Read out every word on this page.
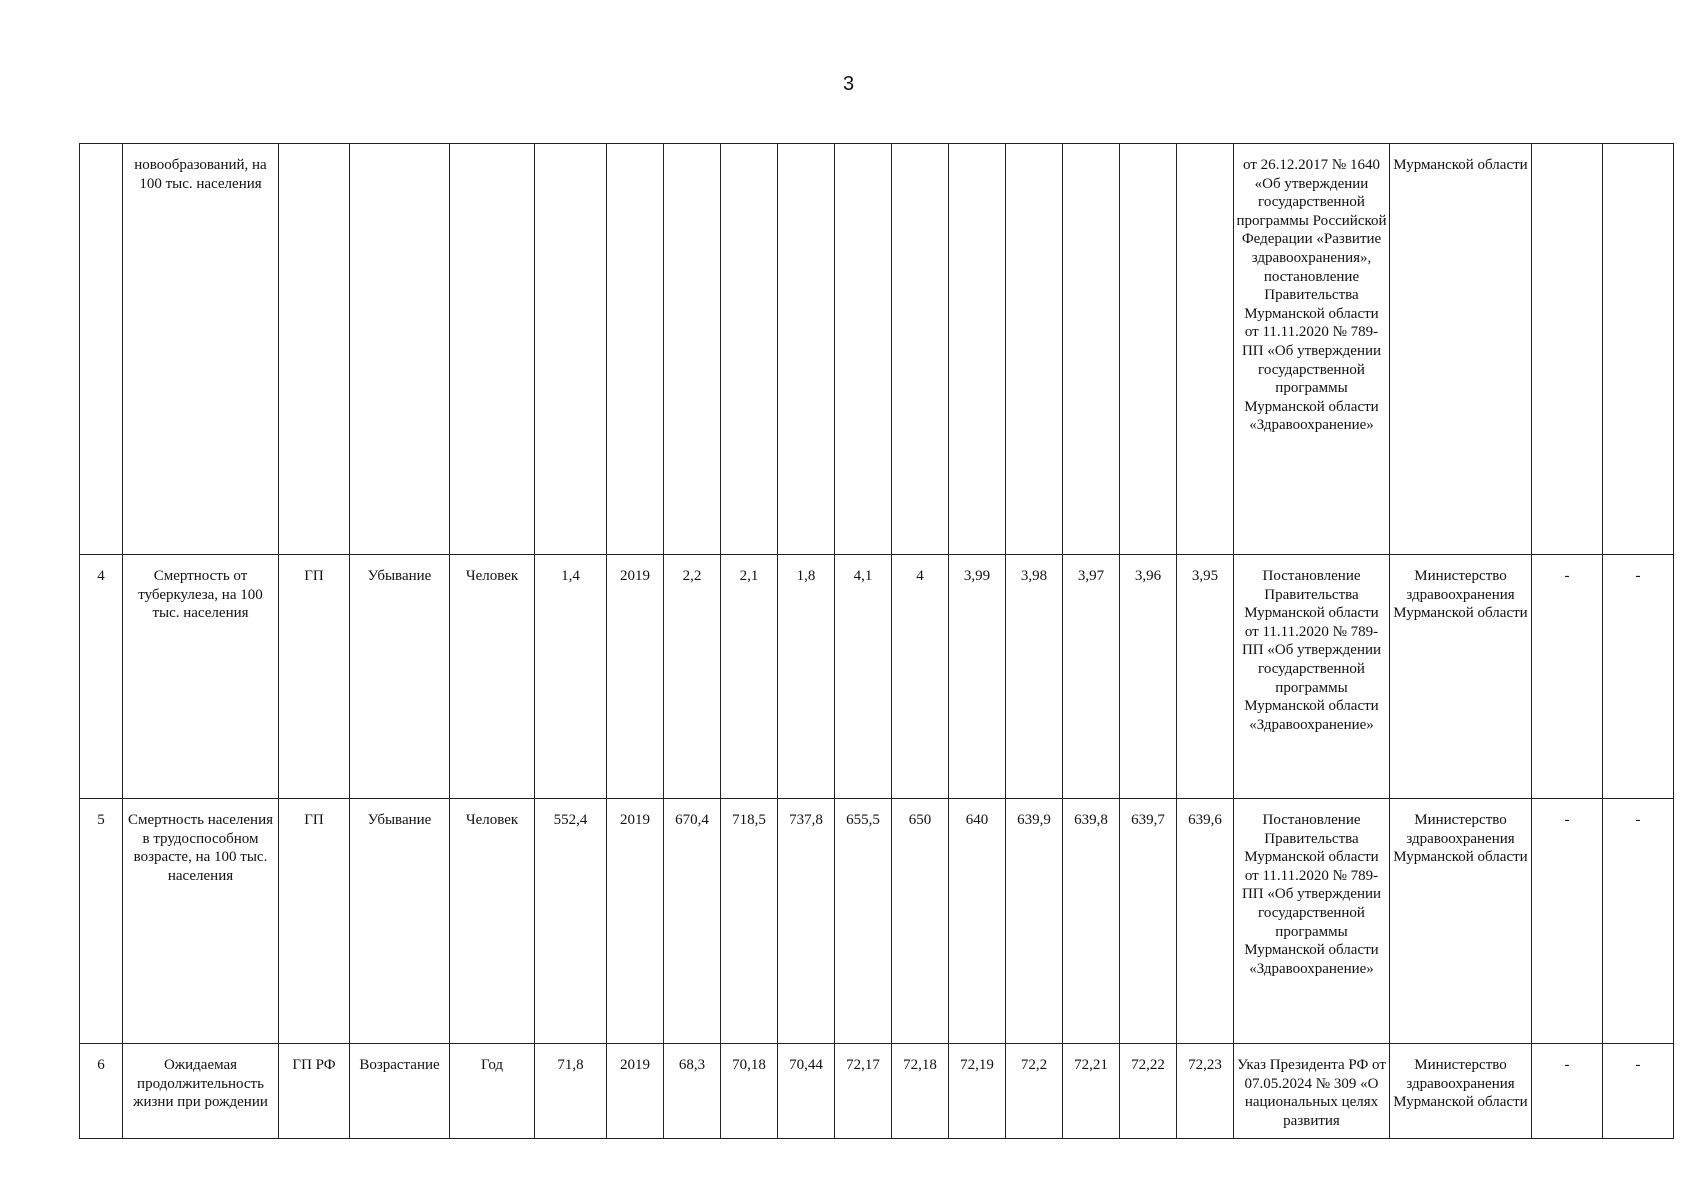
3
	новообразований, на 100 тыс. населения																от 26.12.2017 № 1640 «Об утверждении государственной программы Российской Федерации «Развитие здравоохранения», постановление Правительства Мурманской области от 11.11.2020 № 789-ПП «Об утверждении государственной программы Мурманской области «Здравоохранение»	Мурманской области		
4	Смертность от туберкулеза, на 100 тыс. населения	ГП	Убывание	Человек	1,4	2019	2,2	2,1	1,8	4,1	4	3,99	3,98	3,97	3,96	3,95	Постановление Правительства Мурманской области от 11.11.2020 № 789-ПП «Об утверждении государственной программы Мурманской области «Здравоохранение»	Министерство здравоохранения Мурманской области	-	-
5	Смертность населения в трудоспособном возрасте, на 100 тыс. населения	ГП	Убывание	Человек	552,4	2019	670,4	718,5	737,8	655,5	650	640	639,9	639,8	639,7	639,6	Постановление Правительства Мурманской области от 11.11.2020 № 789-ПП «Об утверждении государственной программы Мурманской области «Здравоохранение»	Министерство здравоохранения Мурманской области	-	-
6	Ожидаемая продолжительность жизни при рождении	ГП РФ	Возрастание	Год	71,8	2019	68,3	70,18	70,44	72,17	72,18	72,19	72,2	72,21	72,22	72,23	Указ Президента РФ от 07.05.2024 № 309 «О национальных целях развития	Министерство здравоохранения Мурманской области	-	-
